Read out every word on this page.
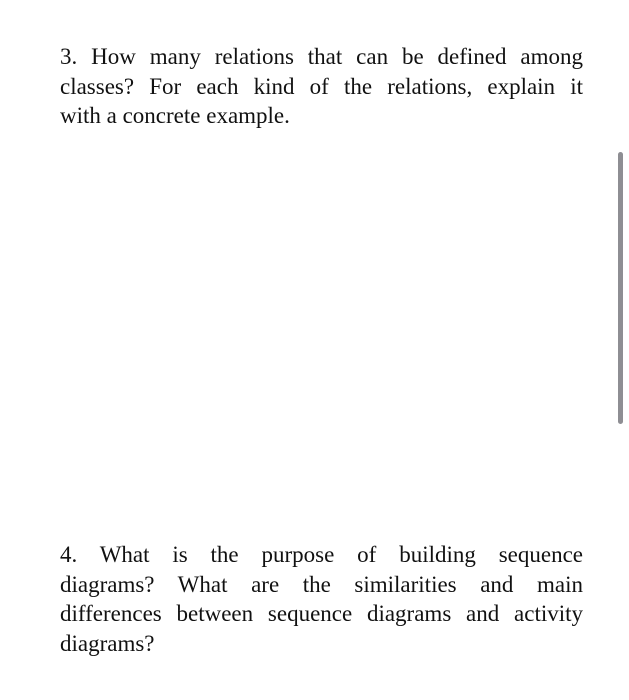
3. How many relations that can be defined among
classes? For each kind of the relations, explain it
with a concrete example.
4. What is the purpose of building sequence
diagrams? What are the similarities and main
differences between sequence diagrams and activity
diagrams?
